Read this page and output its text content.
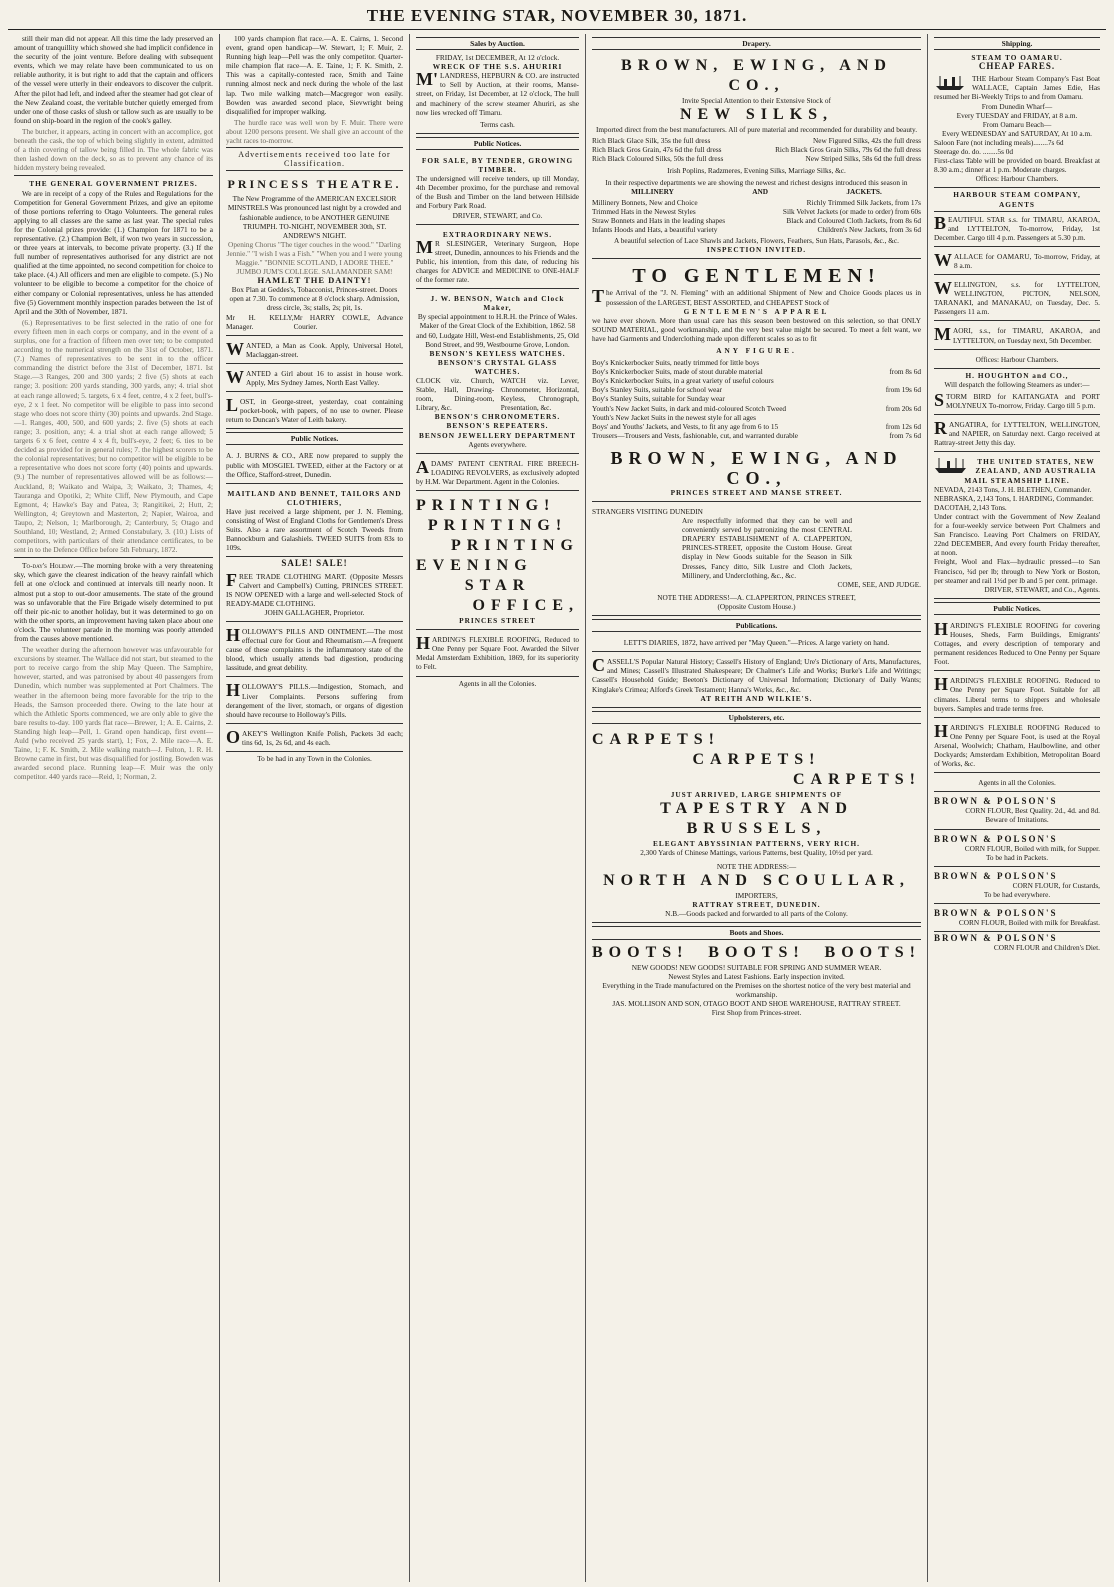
THE EVENING STAR, NOVEMBER 30, 1871.

still their man did not appear. All this time the lady preserved an amount of tranquillity which showed she had implicit confidence in the security of the joint venture. Before dealing with subsequent events, which we may relate have been communicated to us on reliable authority, it is but right to add that the captain and officers of the vessel were utterly in their endeavors to discover the culprit. After the pilot had left, and indeed after the steamer had got clear of the New Zealand coast, the veritable butcher quietly emerged from under one of those casks of slush or tallow such as are usually to be found on ship-board in the region of the cook's galley.

The butcher, it appears, acting in concert with an accomplice, got beneath the cask, the top of which being slightly in extent, admitted of a thin covering of tallow being filled in. The whole fabric was then lashed down on the deck, so as to prevent any chance of its hidden mystery being revealed.

THE GENERAL GOVERNMENT PRIZES.

We are in receipt of a copy of the Rules and Regulations for the Competition for General Government Prizes, and give an epitome of those portions referring to Otago Volunteers. The general rules applying to all classes are the same as last year. The special rules for the Colonial prizes provide: (1.) Champion for 1871 to be a representative. (2.) Champion Belt, if won two years in succession, or three years at intervals, to become private property. (3.) If the full number of representatives authorised for any district are not qualified at the time appointed, no second competition for choice to take place. (4.) All officers and men are eligible to compete. (5.) No volunteer to be eligible to become a competitor for the choice of either company or Colonial representatives, unless he has attended five (5) Government monthly inspection parades between the 1st of April and the 30th of November, 1871.

(6.) Representatives to be first selected in the ratio of one for every fifteen men in each corps or company, and in the event of a surplus, one for a fraction of fifteen men over ten; to be computed according to the numerical strength on the 31st of October, 1871. (7.) Names of representatives to be sent in to the officer commanding the district before the 31st of December, 1871. Ist Stage.—3 Ranges, 200 and 300 yards; 2 five (5) shots at each range; 3. position: 200 yards standing, 300 yards, any; 4. trial shot at each range allowed; 5. targets, 6 x 4 feet, centre, 4 x 2 feet, bull's-eye, 2 x 1 feet. No competitor will be eligible to pass into second stage who does not score thirty (30) points and upwards. 2nd Stage.—1. Ranges, 400, 500, and 600 yards; 2. five (5) shots at each range; 3. position, any; 4. a trial shot at each range allowed; 5 targets 6 x 6 feet, centre 4 x 4 ft, bull's-eye, 2 feet; 6. ties to be decided as provided for in general rules; 7. the highest scorers to be the colonial representatives; but no competitor will be eligible to be a representative who does not score forty (40) points and upwards. (9.) The number of representatives allowed will be as follows:—Auckland, 8; Waikato and Waipa, 3; Waikato, 3; Thames, 4; Tauranga and Opotiki, 2; White Cliff, New Plymouth, and Cape Egmont, 4; Hawke's Bay and Patea, 3; Rangitikei, 2; Hutt, 2; Wellington, 4; Greytown and Masterton, 2; Napier, Wairoa, and Taupo, 2; Nelson, 1; Marlborough, 2; Canterbury, 5; Otago and Southland, 10; Westland, 2; Armed Constabulary, 3. (10.) Lists of competitors, with particulars of their attendance certificates, to be sent in to the Defence Office before 5th February, 1872.

To-day's Holiday.—The morning broke with a very threatening sky, which gave the clearest indication of the heavy rainfall which fell at one o'clock and continued at intervals till nearly noon. It almost put a stop to out-door amusements. The state of the ground was so unfavorable that the Fire Brigade wisely determined to put off their pic-nic to another holiday, but it was determined to go on with the other sports, an improvement having taken place about one o'clock. The volunteer parade in the morning was poorly attended from the causes above mentioned.

The weather during the afternoon however was unfavourable for excursions by steamer. The Wallace did not start, but steamed to the port to receive cargo from the ship May Queen. The Samphire, however, started, and was patronised by about 40 passengers from Dunedin, which number was supplemented at Port Chalmers. The weather in the afternoon being more favorable for the trip to the Heads, the Samson proceeded there. Owing to the late hour at which the Athletic Sports commenced, we are only able to give the bare results to-day. 100 yards flat race—Brewer, 1; A. E. Cairns, 2. Standing high leap—Pell, 1. Grand open handicap, first event—Auld (who received 25 yards start), 1; Fox, 2. Mile race—A. E. Taine, 1; F. K. Smith, 2. Mile walking match—J. Fulton, 1. R. H. Browne came in first, but was disqualified for jostling. Bowden was awarded second place. Running leap—F. Muir was the only competitor. 440 yards race—Reid, 1; Norman, 2.

100 yards champion flat race.—A. E. Cairns, 1. Second event, grand open handicap—W. Stewart, 1; F. Muir, 2. Running high leap—Pell was the only competitor. Quarter-mile champion flat race—A. E. Taine, 1; F. K. Smith, 2. This was a capitally-contested race, Smith and Taine running almost neck and neck during the whole of the last lap. Two mile walking match—Macgregor won easily. Bowden was awarded second place, Sievwright being disqualified for improper walking.

The hurdle race was well won by F. Muir. There were about 1200 persons present. We shall give an account of the yacht races to-morrow.

Advertisements received too late for Classification.
PRINCESS THEATRE.
The New Programme of the AMERICAN EXCELSIOR MINSTRELS Was pronounced last night by a crowded and fashionable audience, to be ANOTHER GENUINE TRIUMPH. TO-NIGHT, NOVEMBER 30th, ST. ANDREW'S NIGHT.
Opening Chorus "The tiger couches in the wood." "Darling Jennie." "I wish I was a Fish." "When you and I were young Maggie." "BONNIE SCOTLAND, I ADORE THEE." JUMBO JUM'S COLLEGE. SALAMANDER SAM!
HAMLET THE DAINTY!
Box Plan at Geddes's, Tobacconist, Princes-street. Doors open at 7.30. To commence at 8 o'clock sharp. Admission, dress circle, 3s; stalls, 2s; pit, 1s.
Mr H. KELLY, Manager.
Mr HARRY COWLE, Advance Courier.
WANTED, a Man as Cook. Apply, Universal Hotel, Maclaggan-street.
WANTED a Girl about 16 to assist in house work. Apply, Mrs Sydney James, North East Valley.
LOST, in George-street, yesterday, coat containing pocket-book, with papers, of no use to owner. Please return to Duncan's Water of Leith bakery.
Public Notices.
A. J. BURNS & CO., ARE now prepared to supply the public with MOSGIEL TWEED, either at the Factory or at the Office, Stafford-street, Dunedin.
MAITLAND AND BENNET, TAILORS AND CLOTHIERS,
Have just received a large shipment, per J. N. Fleming, consisting of West of England Cloths for Gentlemen's Dress Suits. Also a rare assortment of Scotch Tweeds from Bannockburn and Galashiels. TWEED SUITS from 83s to 109s.
SALE! SALE!
FREE TRADE CLOTHING MART. (Opposite Messrs Calvert and Campbell's) Cutting, PRINCES STREET. IS NOW OPENED with a large and well-selected Stock of READY-MADE CLOTHING.
JOHN GALLAGHER, Proprietor.
HOLLOWAY'S PILLS AND OINTMENT.—The most effectual cure for Gout and Rheumatism.—A frequent cause of these complaints is the inflammatory state of the blood, which usually attends bad digestion, producing lassitude, and great debility.
HOLLOWAY'S PILLS.—Indigestion, Stomach, and Liver Complaints. Persons suffering from derangement of the liver, stomach, or organs of digestion should have recourse to Holloway's Pills.
OAKEY'S Wellington Knife Polish, Packets 3d each; tins 6d, 1s, 2s 6d, and 4s each.
To be had in any Town in the Colonies.
Sales by Auction.
FRIDAY, 1st DECEMBER, At 12 o'clock.
WRECK OF THE S.S. AHURIRI
M'LANDRESS, HEPBURN & CO. are instructed to Sell by Auction, at their rooms, Manse-street, on Friday, 1st December, at 12 o'clock, The hull and machinery of the screw steamer Ahuriri, as she now lies wrecked off Timaru.
Terms cash.
Public Notices.
FOR SALE, BY TENDER, GROWING TIMBER.
The undersigned will receive tenders, up till Monday, 4th December proximo, for the purchase and removal of the Bush and Timber on the land between Hillside and Forbury Park Road.
DRIVER, STEWART, and Co.
EXTRAORDINARY NEWS.
MR SLESINGER, Veterinary Surgeon, Hope street, Dunedin, announces to his Friends and the Public, his intention, from this date, of reducing his charges for ADVICE and MEDICINE to ONE-HALF of the former rate.
J. W. BENSON, Watch and Clock Maker,
By special appointment to H.R.H. the Prince of Wales. Maker of the Great Clock of the Exhibition, 1862. 58 and 60, Ludgate Hill, West-end Establishments, 25, Old Bond Street, and 99, Westbourne Grove, London.
BENSON'S KEYLESS WATCHES.
BENSON'S CRYSTAL GLASS WATCHES.
CLOCK viz. Church, Stable, Hall, Drawing-room, Dining-room, Library, &c.
WATCH viz. Lever, Chronometer, Horizontal, Keyless, Chronograph, Presentation, &c.
BENSON'S CHRONOMETERS.
BENSON'S REPEATERS.
BENSON JEWELLERY DEPARTMENT
Agents everywhere.
ADAMS' PATENT CENTRAL FIRE BREECH-LOADING REVOLVERS, as exclusively adopted by H.M. War Department. Agent in the Colonies.
PRINTING!
PRINTING!
PRINTING
EVENING
STAR
OFFICE,
PRINCES STREET
HARDING'S FLEXIBLE ROOFING, Reduced to One Penny per Square Foot. Awarded the Silver Medal Amsterdam Exhibition, 1869, for its superiority to Felt.
Agents in all the Colonies.
Drapery.
BROWN, EWING, AND CO.,
Invite Special Attention to their Extensive Stock of
NEW SILKS,
Imported direct from the best manufacturers. All of pure material and recommended for durability and beauty.
Rich Black Glace Silk, 35s the full dress	New Figured Silks, 42s the full dress
Rich Black Gros Grain, 47s 6d the full dress	Rich Black Gros Grain Silks, 79s 6d the full dress
Rich Black Coloured Silks, 50s the full dress	New Striped Silks, 58s 6d the full dress
Irish Poplins, Radzmeres, Evening Silks, Marriage Silks, &c.
In their respective departments we are showing the newest and richest designs introduced this season in
MILLINERY	AND	JACKETS.
Millinery Bonnets, New and Choice	Richly Trimmed Silk Jackets, from 17s
Trimmed Hats in the Newest Styles	Silk Velvet Jackets (or made to order) from 60s
Straw Bonnets and Hats in the leading shapes	Black and Coloured Cloth Jackets, from 8s 6d
Infants Hoods and Hats, a beautiful variety	Children's New Jackets, from 3s 6d
A beautiful selection of Lace Shawls and Jackets, Flowers, Feathers, Sun Hats, Parasols, &c., &c.
INSPECTION INVITED.
TO GENTLEMEN!
The Arrival of the "J. N. Fleming" with an additional Shipment of New and Choice Goods places us in possession of the LARGEST, BEST ASSORTED, and CHEAPEST Stock of
GENTLEMEN'S APPAREL
we have ever shown. More than usual care has this season been bestowed on this selection, so that ONLY SOUND MATERIAL, good workmanship, and the very best value might be secured. To meet a felt want, we have had Garments and Underclothing made upon different scales so as to fit
ANY FIGURE.
Boy's Knickerbocker Suits, neatly trimmed for little boys
Boy's Knickerbocker Suits, made of stout durable material	from 8s 6d
Boy's Knickerbocker Suits, in a great variety of useful colours
Boy's Stanley Suits, suitable for school wear	from 19s 6d
Boy's Stanley Suits, suitable for Sunday wear
Youth's New Jacket Suits, in dark and mid-coloured Scotch Tweed	from 20s 6d
Youth's New Jacket Suits in the newest style for all ages
Boys' and Youths' Jackets, and Vests, to fit any age from 6 to 15	from 12s 6d
Trousers—Trousers and Vests, fashionable, cut, and warranted durable	from 7s 6d
BROWN, EWING, AND CO.,
PRINCES STREET AND MANSE STREET.
STRANGERS VISITING DUNEDIN
Are respectfully informed that they can be well and conveniently served by patronizing the most CENTRAL DRAPERY ESTABLISHMENT of A. CLAPPERTON, PRINCES-STREET, opposite the Custom House. Great display in New Goods suitable for the Season in Silk Dresses, Fancy ditto, Silk Lustre and Cloth Jackets, Millinery, and Underclothing, &c., &c.
COME, SEE, AND JUDGE.
NOTE THE ADDRESS!—A. CLAPPERTON, PRINCES STREET,
(Opposite Custom House.)
Publications.
LETT'S DIARIES, 1872, have arrived per "May Queen."—Prices. A large variety on hand.
CASSELL'S Popular Natural History; Cassell's History of England; Ure's Dictionary of Arts, Manufactures, and Mines; Cassell's Illustrated Shakespeare; Dr Chalmer's Life and Works; Burke's Life and Writings; Cassell's Household Guide; Beeton's Dictionary of Universal Information; Dictionary of Daily Wants; Kinglake's Crimea; Alford's Greek Testament; Hanna's Works, &c., &c.
AT REITH AND WILKIE'S.
Upholsterers, etc.
CARPETS!
CARPETS!
CARPETS!
JUST ARRIVED, LARGE SHIPMENTS OF
TAPESTRY AND BRUSSELS,
ELEGANT ABYSSINIAN PATTERNS, VERY RICH.
2,300 Yards of Chinese Mattings, various Patterns, best Quality, 10½d per yard.
NOTE THE ADDRESS:—
NORTH AND SCOULLAR,
IMPORTERS,
RATTRAY STREET, DUNEDIN.
N.B.—Goods packed and forwarded to all parts of the Colony.
Boots and Shoes.
BOOTS! BOOTS! BOOTS!
NEW GOODS! NEW GOODS! SUITABLE FOR SPRING AND SUMMER WEAR.
Newest Styles and Latest Fashions. Early inspection invited.
Everything in the Trade manufactured on the Premises on the shortest notice of the very best material and workmanship.
JAS. MOLLISON AND SON, OTAGO BOOT AND SHOE WAREHOUSE, RATTRAY STREET.
First Shop from Princes-street.
Shipping.
STEAM TO OAMARU.
CHEAP FARES.
THE Harbour Steam Company's Fast Boat WALLACE, Captain James Edie, Has resumed her Bi-Weekly Trips to and from Oamaru.
From Dunedin Wharf—
Every TUESDAY and FRIDAY, at 8 a.m.
From Oamaru Beach—
Every WEDNESDAY and SATURDAY, At 10 a.m.
Saloon Fare (not including meals)........7s 6d
Steerage do. do. ........5s 0d
First-class Table will be provided on board. Breakfast at 8.30 a.m.; dinner at 1 p.m. Moderate charges.
Offices: Harbour Chambers.
HARBOUR STEAM COMPANY, AGENTS
BEAUTIFUL STAR s.s. for TIMARU, AKAROA, and LYTTELTON, To-morrow, Friday, 1st December. Cargo till 4 p.m. Passengers at 5.30 p.m.
WALLACE for OAMARU, To-morrow, Friday, at 8 a.m.
WELLINGTON, s.s. for LYTTELTON, WELLINGTON, PICTON, NELSON, TARANAKI, and MANAKAU, on Tuesday, Dec. 5. Passengers 11 a.m.
MAORI, s.s., for TIMARU, AKAROA, and LYTTELTON, on Tuesday next, 5th December.
Offices: Harbour Chambers.
H. HOUGHTON and CO.,
Will despatch the following Steamers as under:—
STORM BIRD for KAITANGATA and PORT MOLYNEUX To-morrow, Friday. Cargo till 5 p.m.
RANGATIRA, for LYTTELTON, WELLINGTON, and NAPIER, on Saturday next. Cargo received at Rattray-street Jetty this day.
THE UNITED STATES, NEW ZEALAND, AND AUSTRALIA MAIL STEAMSHIP LINE.
NEVADA, 2143 Tons, J. H. BLETHEN, Commander.
NEBRASKA, 2,143 Tons, I. HARDING, Commander.
DACOTAH, 2,143 Tons.
Under contract with the Government of New Zealand for a four-weekly service between Port Chalmers and San Francisco. Leaving Port Chalmers on FRIDAY, 22nd DECEMBER, And every fourth Friday thereafter, at noon.
Freight, Wool and Flax—hydraulic pressed—to San Francisco, ¾d per lb; through to New York or Boston, per steamer and rail 1½d per lb and 5 per cent. primage.
DRIVER, STEWART, and Co., Agents.
Public Notices.
HARDING'S FLEXIBLE ROOFING for covering Houses, Sheds, Farm Buildings, Emigrants' Cottages, and every description of temporary and permanent residences Reduced to One Penny per Square Foot.
HARDING'S FLEXIBLE ROOFING. Reduced to One Penny per Square Foot. Suitable for all climates. Liberal terms to shippers and wholesale buyers. Samples and trade terms free.
HARDING'S FLEXIBLE ROOFING Reduced to One Penny per Square Foot, is used at the Royal Arsenal, Woolwich; Chatham, Haulbowline, and other Dockyards; Amsterdam Exhibition, Metropolitan Board of Works, &c.
Agents in all the Colonies.
BROWN & POLSON'S
CORN FLOUR, Best Quality. 2d., 4d. and 8d.
Beware of Imitations.
BROWN & POLSON'S
CORN FLOUR, Boiled with milk, for Supper.
To be had in Packets.
BROWN & POLSON'S
CORN FLOUR, for Custards,
To be had everywhere.
BROWN & POLSON'S
CORN FLOUR, Boiled with milk for Breakfast.
BROWN & POLSON'S
CORN FLOUR and Children's Diet.
